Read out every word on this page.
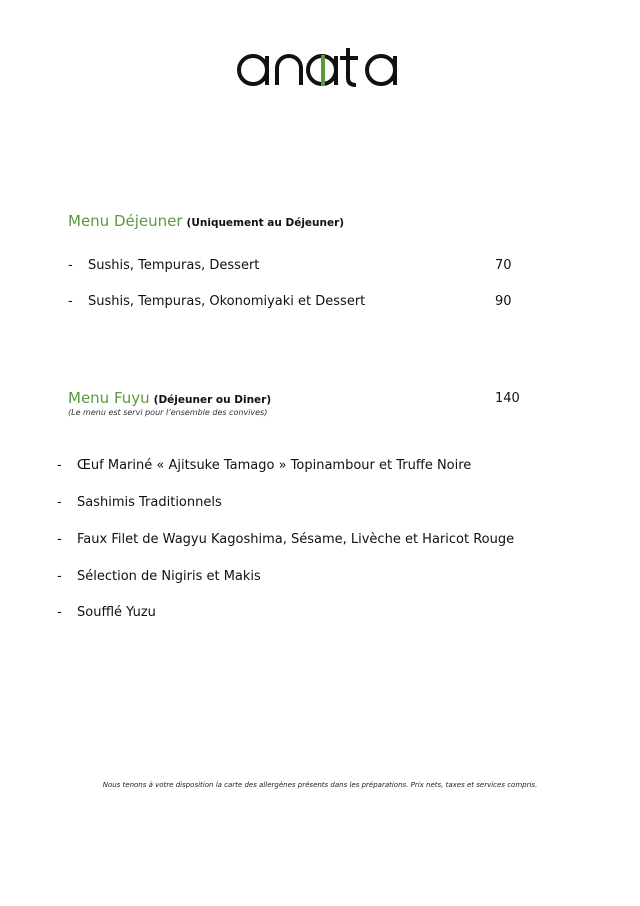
Menu Déjeuner (Uniquement au Déjeuner)
- Sushis, Tempuras, Dessert	70
- Sushis, Tempuras, Okonomiyaki et Dessert	90
Menu Fuyu (Déjeuner ou Diner)	140
(Le menu est servi pour l’ensemble des convives)
- Œuf Mariné « Ajitsuke Tamago » Topinambour et Truffe Noire
- Sashimis Traditionnels
- Faux Filet de Wagyu Kagoshima, Sésame, Livèche et Haricot Rouge
- Sélection de Nigiris et Makis
- Soufflé Yuzu
Nous tenons à votre disposition la carte des allergènes présents dans les préparations. Prix nets, taxes et services compris.
